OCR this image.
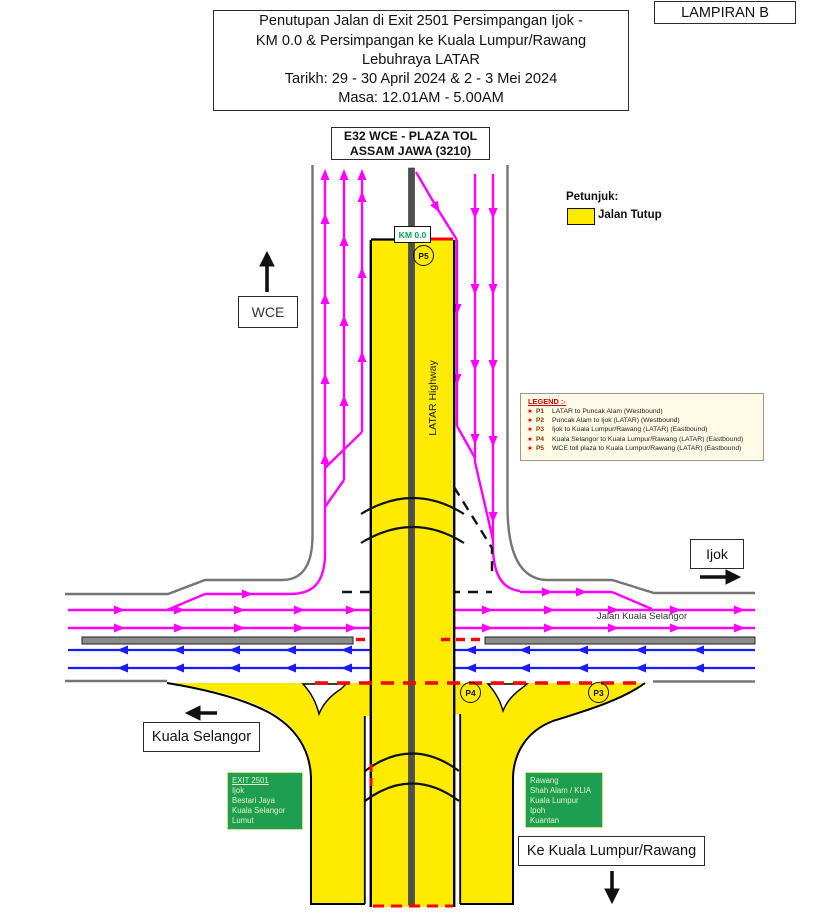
LAMPIRAN B
Penutupan Jalan di Exit 2501 Persimpangan Ijok -
KM 0.0 & Persimpangan ke Kuala Lumpur/Rawang
Lebuhraya LATAR
Tarikh: 29 - 30 April 2024 & 2 - 3 Mei 2024
Masa: 12.01AM - 5.00AM
E32 WCE - PLAZA TOL
ASSAM JAWA (3210)
Petunjuk:
Jalan Tutup
LEGEND :-
✶ P1	LATAR to Puncak Alam (Westbound)
✶ P2	Puncak Alam to Ijok (LATAR) (Westbound)
✶ P3	Ijok to Kuala Lumpur/Rawang (LATAR) (Eastbound)
✶ P4	Kuala Selangor to Kuala Lumpur/Rawang (LATAR) (Eastbound)
✶ P5	WCE toll plaza to Kuala Lumpur/Rawang (LATAR) (Eastbound)
WCE
Ijok
Kuala Selangor
Ke Kuala Lumpur/Rawang
Jalan Kuala Selangor
LATAR Highway
KM 0.0
P5
P4	P3
EXIT 2501
Ijok
Bestari Jaya
Kuala Selangor
Lumut
Rawang
Shah Alam / KLIA
Kuala Lumpur
Ipoh
Kuantan
